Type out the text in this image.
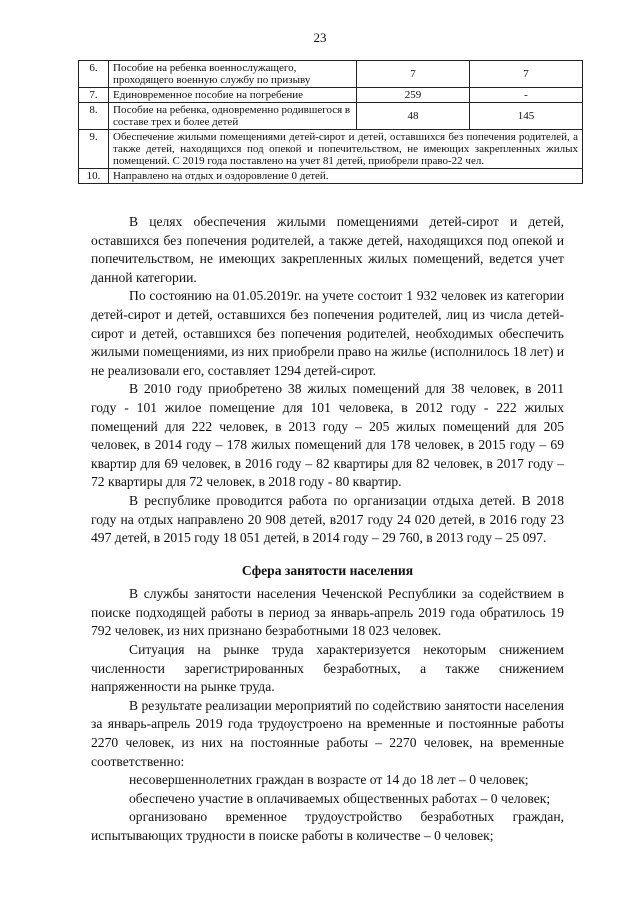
23
6.	Пособие на ребенка военнослужащего, проходящего военную службу по призыву	7	7
7.	Единовременное пособие на погребение	259	-
8.	Пособие на ребенка, одновременно родившегося в составе трех и более детей	48	145
9.	Обеспечение жилыми помещениями детей-сирот и детей, оставшихся без попечения родителей, а также детей, находящихся под опекой и попечительством, не имеющих закрепленных жилых помещений. С 2019 года поставлено на учет 81 детей, приобрели право-22 чел.		
10.	Направлено на отдых и оздоровление 0 детей.		

В целях обеспечения жилыми помещениями детей-сирот и детей, оставшихся без попечения родителей, а также детей, находящихся под опекой и попечительством, не имеющих закрепленных жилых помещений, ведется учет данной категории.

По состоянию на 01.05.2019г. на учете состоит 1 932 человек из категории детей-сирот и детей, оставшихся без попечения родителей, лиц из числа детей-сирот и детей, оставшихся без попечения родителей, необходимых обеспечить жилыми помещениями, из них приобрели право на жилье (исполнилось 18 лет) и не реализовали его, составляет 1294 детей-сирот.

В 2010 году приобретено 38 жилых помещений для 38 человек, в 2011 году - 101 жилое помещение для 101 человека, в 2012 году - 222 жилых помещений для 222 человек, в 2013 году – 205 жилых помещений для 205 человек, в 2014 году – 178 жилых помещений для 178 человек, в 2015 году – 69 квартир для 69 человек, в 2016 году – 82 квартиры для 82 человек, в 2017 году – 72 квартиры для 72 человек, в 2018 году - 80 квартир.

В республике проводится работа по организации отдыха детей. В 2018 году на отдых направлено 20 908 детей, в2017 году 24 020 детей, в 2016 году 23 497 детей, в 2015 году 18 051 детей, в 2014 году – 29 760, в 2013 году – 25 097.

Сфера занятости населения

В службы занятости населения Чеченской Республики за содействием в поиске подходящей работы в период за январь-апрель 2019 года обратилось 19 792 человек, из них признано безработными 18 023 человек.

Ситуация на рынке труда характеризуется некоторым снижением численности зарегистрированных безработных, а также снижением напряженности на рынке труда.

В результате реализации мероприятий по содействию занятости населения за январь-апрель 2019 года трудоустроено на временные и постоянные работы 2270 человек, из них на постоянные работы – 2270 человек, на временные соответственно:

несовершеннолетних граждан в возрасте от 14 до 18 лет – 0 человек;

обеспечено участие в оплачиваемых общественных работах – 0 человек;

организовано временное трудоустройство безработных граждан, испытывающих трудности в поиске работы в количестве – 0 человек;
